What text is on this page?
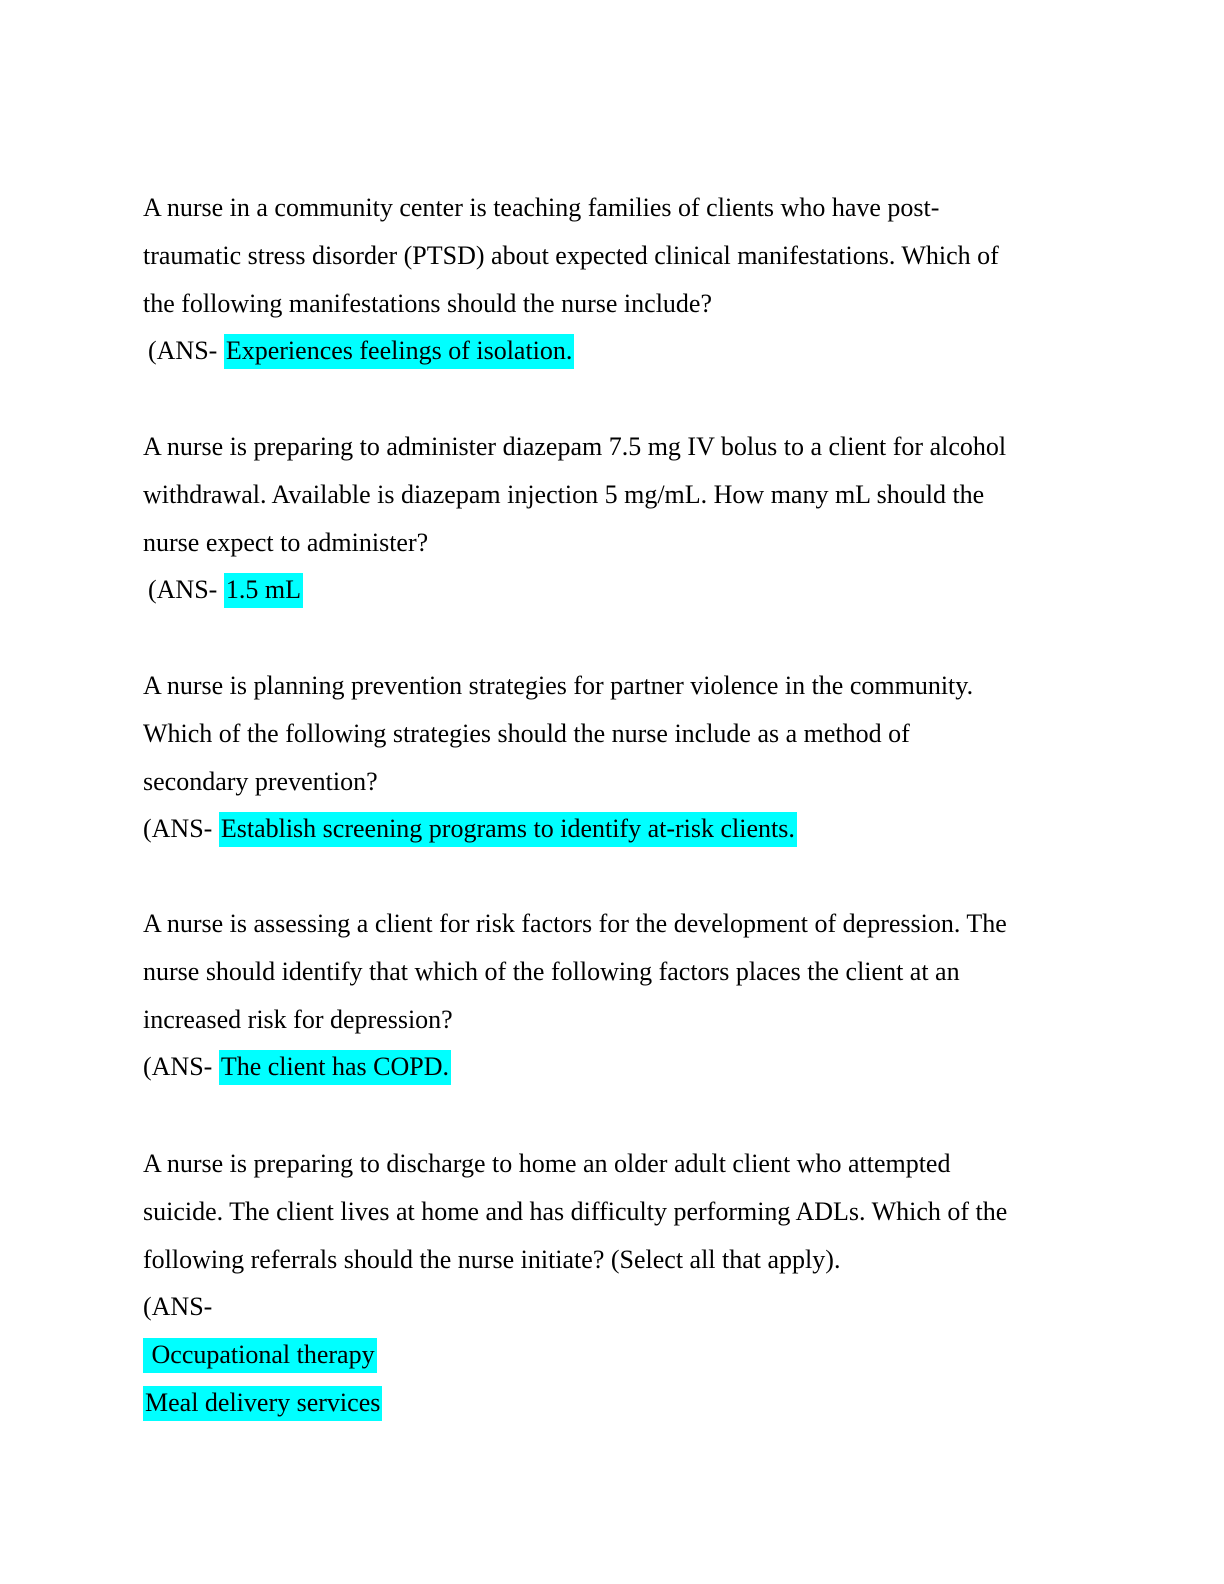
A nurse in a community center is teaching families of clients who have post-
traumatic stress disorder (PTSD) about expected clinical manifestations. Which of
the following manifestations should the nurse include?

(ANS- Experiences feelings of isolation.

A nurse is preparing to administer diazepam 7.5 mg IV bolus to a client for alcohol
withdrawal. Available is diazepam injection 5 mg/mL. How many mL should the
nurse expect to administer?

(ANS- 1.5 mL

A nurse is planning prevention strategies for partner violence in the community.
Which of the following strategies should the nurse include as a method of
secondary prevention?

(ANS- Establish screening programs to identify at-risk clients.

A nurse is assessing a client for risk factors for the development of depression. The
nurse should identify that which of the following factors places the client at an
increased risk for depression?

(ANS- The client has COPD.

A nurse is preparing to discharge to home an older adult client who attempted
suicide. The client lives at home and has difficulty performing ADLs. Which of the
following referrals should the nurse initiate? (Select all that apply).

(ANS-

Occupational therapy

Meal delivery services
